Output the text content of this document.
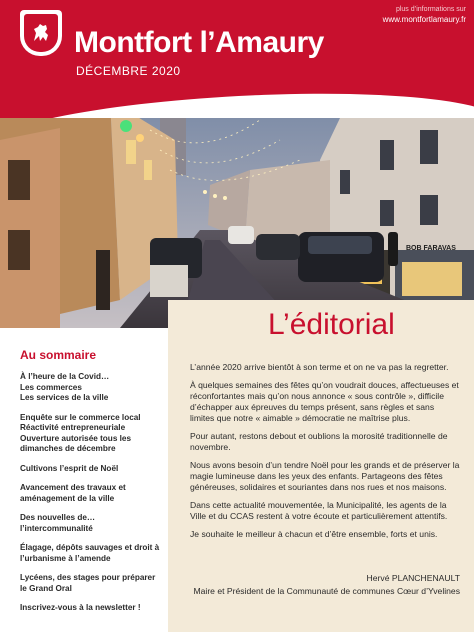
BOB FARAVAS
Montfort l’Amaury
DÉCEMBRE 2020
plus d’informations sur
www.montfortlamaury.fr
L’éditorial

L’année 2020 arrive bientôt à son terme et on ne va pas la regretter.

À quelques semaines des fêtes qu’on voudrait douces, affectueuses et réconfortantes mais qu’on nous annonce « sous contrôle », difficile d’échapper aux épreuves du temps présent, sans règles et sans limites que notre « aimable » démocratie ne maîtrise plus.

Pour autant, restons debout et oublions la morosité traditionnelle de novembre.

Nous avons besoin d’un tendre Noël pour les grands et de préserver la magie lumineuse dans les yeux des enfants. Partageons des fêtes généreuses, solidaires et souriantes dans nos rues et nos maisons.

Dans cette actualité mouvementée, la Municipalité, les agents de la Ville et du CCAS restent à votre écoute et particulièrement attentifs.

Je souhaite le meilleur à chacun et d’être ensemble, forts et unis.

Hervé PLANCHENAULT
Maire et Président de la Communauté de communes Cœur d’Yvelines
Au sommaire
À l’heure de la Covid…
Les commerces
Les services de la ville
Enquête sur le commerce local
Réactivité entrepreneuriale
Ouverture autorisée tous les dimanches de décembre
Cultivons l’esprit de Noël
Avancement des travaux et aménagement de la ville
Des nouvelles de… l’intercommunalité
Élagage, dépôts sauvages et droit à l’urbanisme à l’amende
Lycéens, des stages pour préparer le Grand Oral
Inscrivez-vous à la newsletter !
